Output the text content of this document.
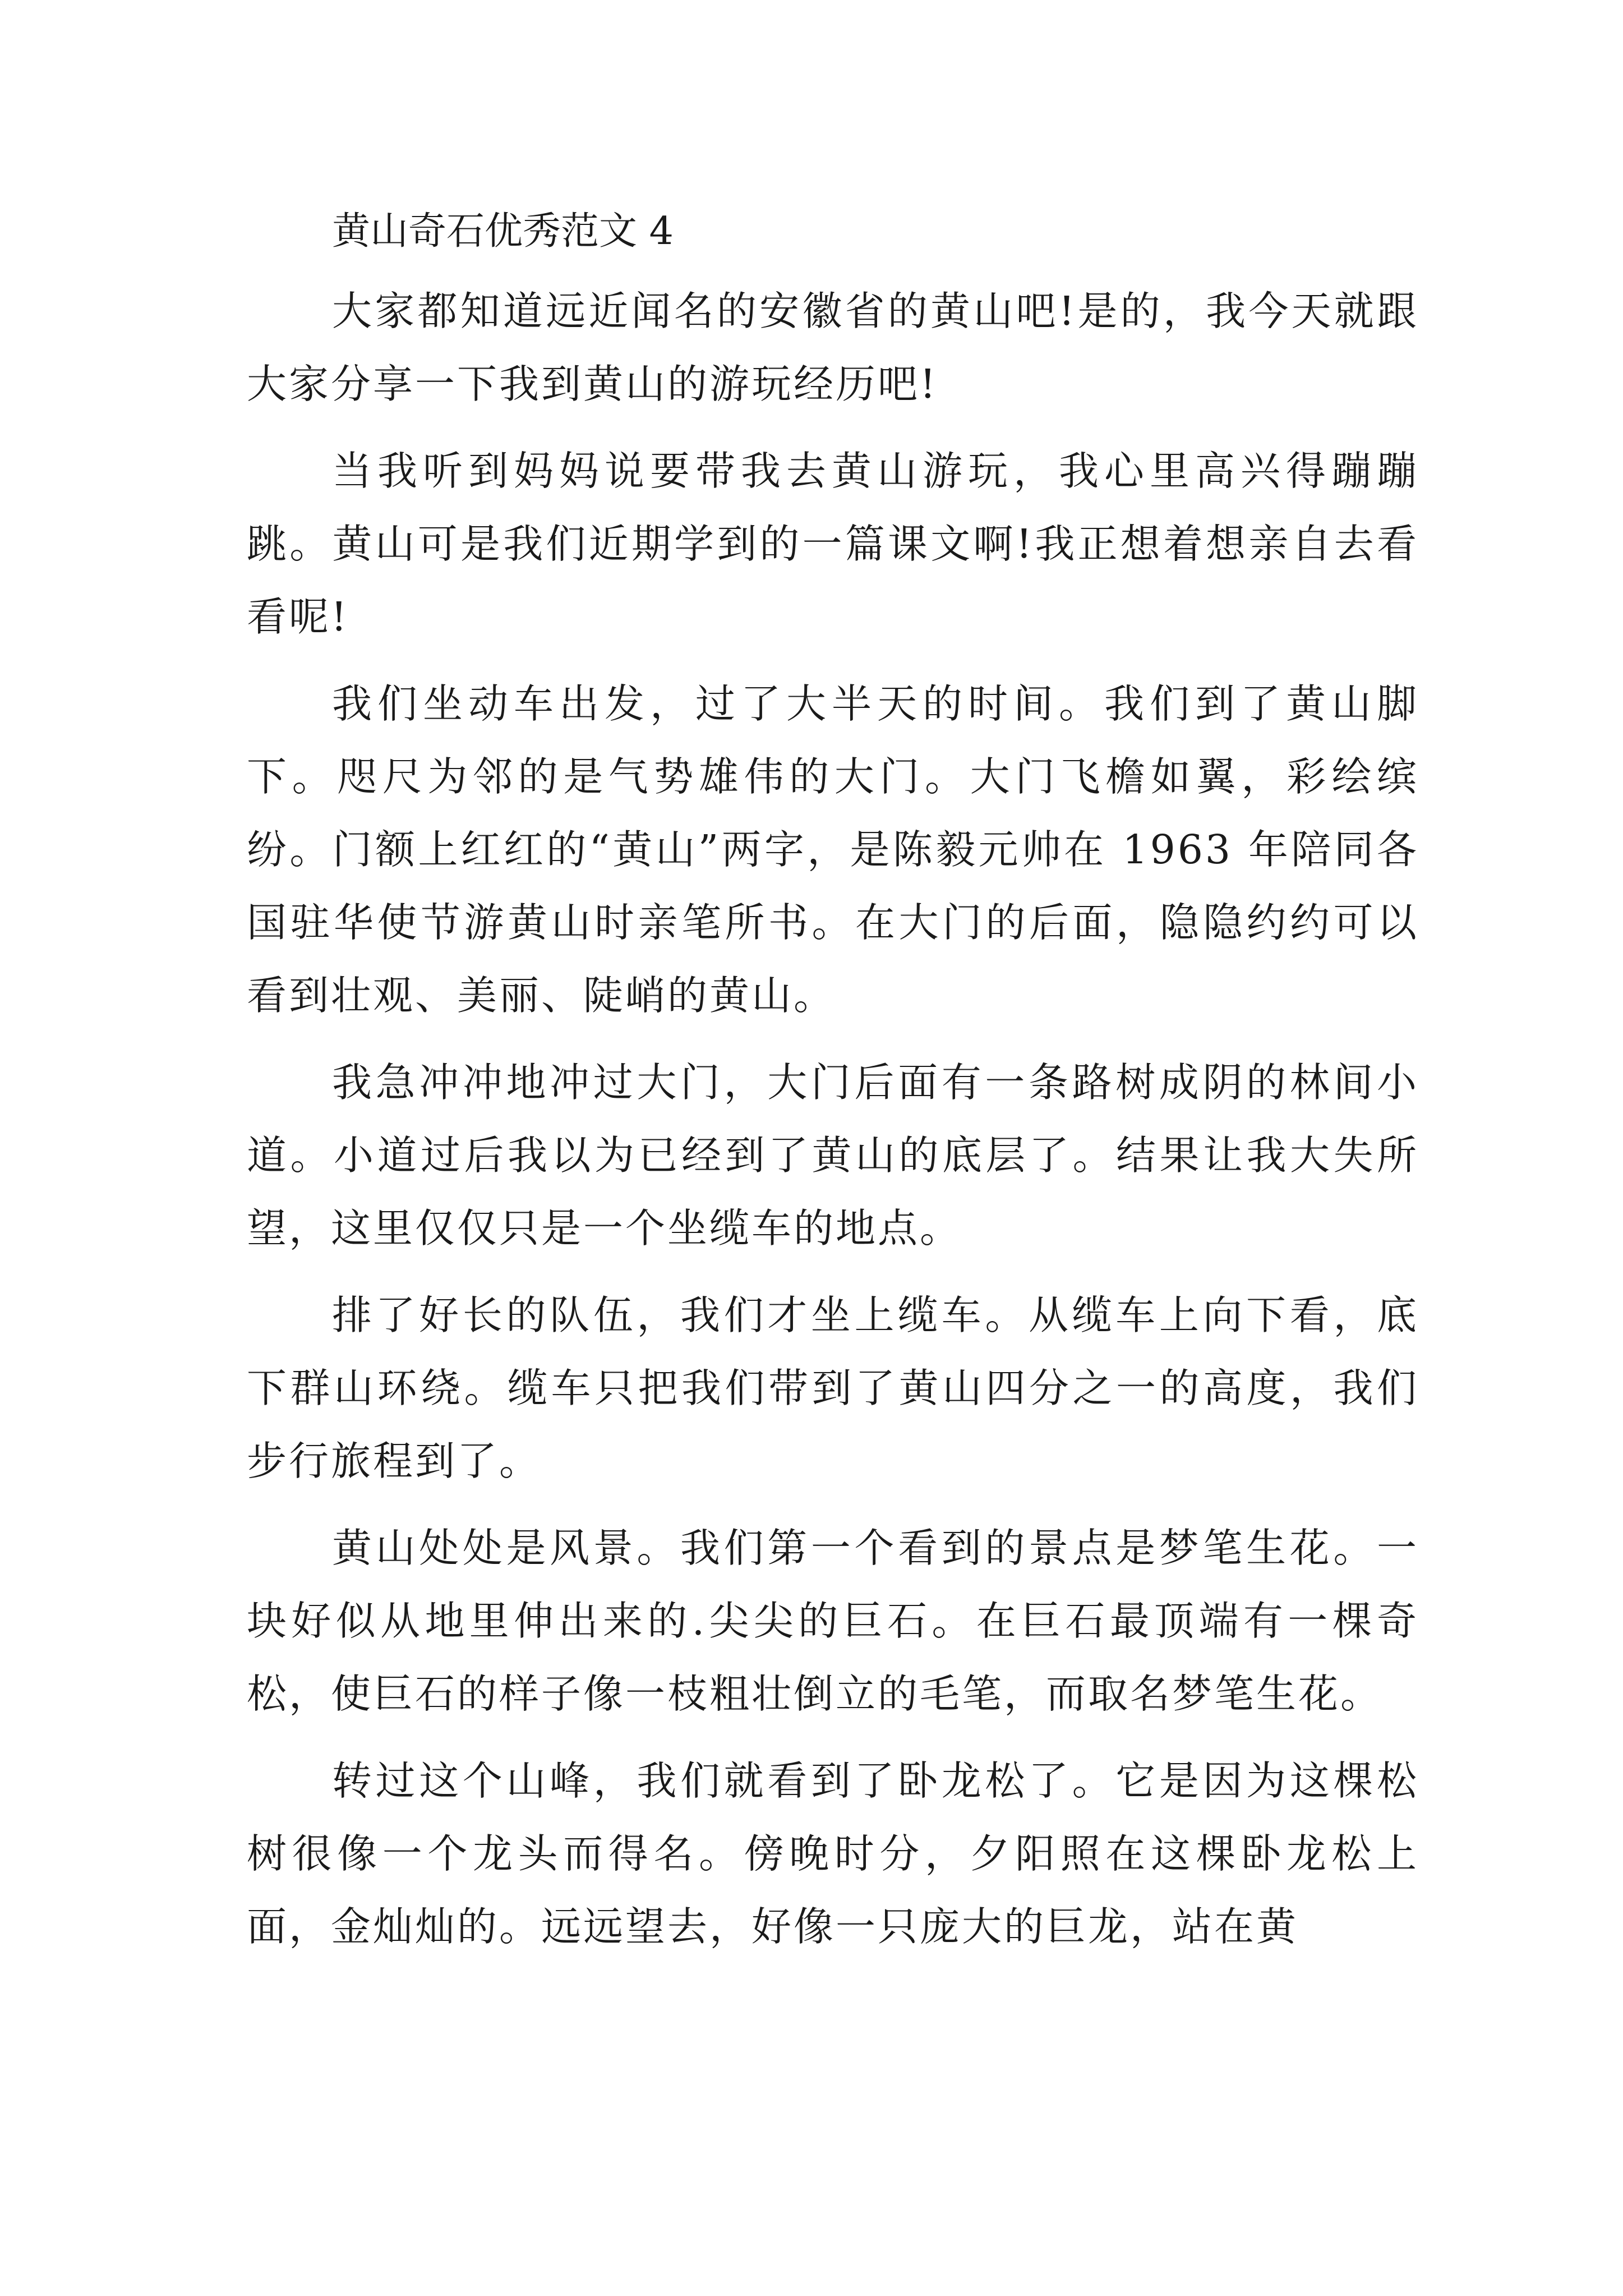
黄山奇石优秀范文 4

大家都知道远近闻名的安徽省的黄山吧!是的，我今天就跟大家分享一下我到黄山的游玩经历吧!

当我听到妈妈说要带我去黄山游玩，我心里高兴得蹦蹦跳。黄山可是我们近期学到的一篇课文啊!我正想着想亲自去看看呢!

我们坐动车出发，过了大半天的时间。我们到了黄山脚下。咫尺为邻的是气势雄伟的大门。大门飞檐如翼，彩绘缤纷。门额上红红的“黄山”两字，是陈毅元帅在 1963 年陪同各国驻华使节游黄山时亲笔所书。在大门的后面，隐隐约约可以看到壮观、美丽、陡峭的黄山。

我急冲冲地冲过大门，大门后面有一条路树成阴的林间小道。小道过后我以为已经到了黄山的底层了。结果让我大失所望，这里仅仅只是一个坐缆车的地点。

排了好长的队伍，我们才坐上缆车。从缆车上向下看，底下群山环绕。缆车只把我们带到了黄山四分之一的高度，我们步行旅程到了。

黄山处处是风景。我们第一个看到的景点是梦笔生花。一块好似从地里伸出来的.尖尖的巨石。在巨石最顶端有一棵奇松，使巨石的样子像一枝粗壮倒立的毛笔，而取名梦笔生花。

转过这个山峰，我们就看到了卧龙松了。它是因为这棵松树很像一个龙头而得名。傍晚时分，夕阳照在这棵卧龙松上面，金灿灿的。远远望去，好像一只庞大的巨龙，站在黄
